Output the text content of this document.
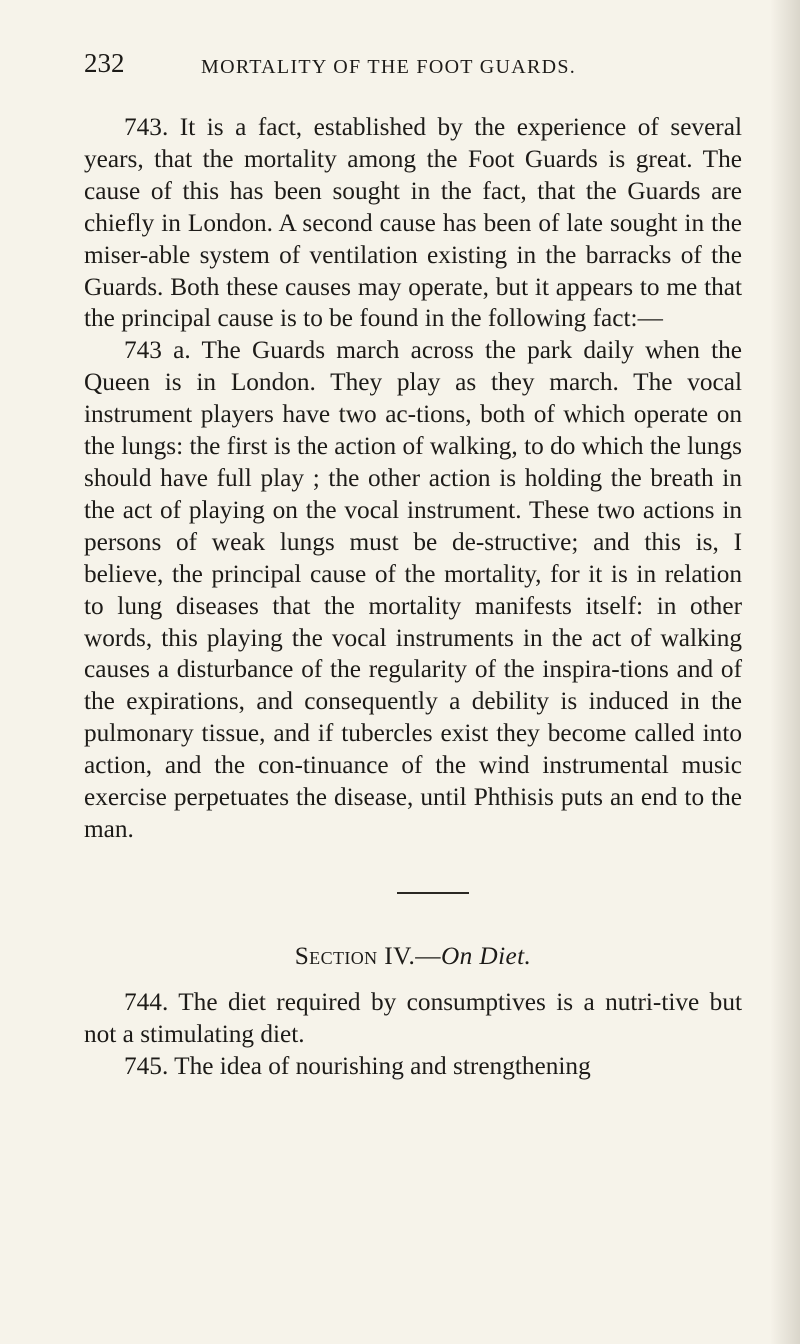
232	MORTALITY OF THE FOOT GUARDS.

743. It is a fact, established by the experience of several years, that the mortality among the Foot Guards is great. The cause of this has been sought in the fact, that the Guards are chiefly in London. A second cause has been of late sought in the miser-able system of ventilation existing in the barracks of the Guards. Both these causes may operate, but it appears to me that the principal cause is to be found in the following fact:—

743 a. The Guards march across the park daily when the Queen is in London. They play as they march. The vocal instrument players have two ac-tions, both of which operate on the lungs: the first is the action of walking, to do which the lungs should have full play ; the other action is holding the breath in the act of playing on the vocal instrument. These two actions in persons of weak lungs must be de-structive; and this is, I believe, the principal cause of the mortality, for it is in relation to lung diseases that the mortality manifests itself: in other words, this playing the vocal instruments in the act of walking causes a disturbance of the regularity of the inspira-tions and of the expirations, and consequently a debility is induced in the pulmonary tissue, and if tubercles exist they become called into action, and the con-tinuance of the wind instrumental music exercise perpetuates the disease, until Phthisis puts an end to the man.

Section IV.—On Diet.

744. The diet required by consumptives is a nutri-tive but not a stimulating diet.

745. The idea of nourishing and strengthening
